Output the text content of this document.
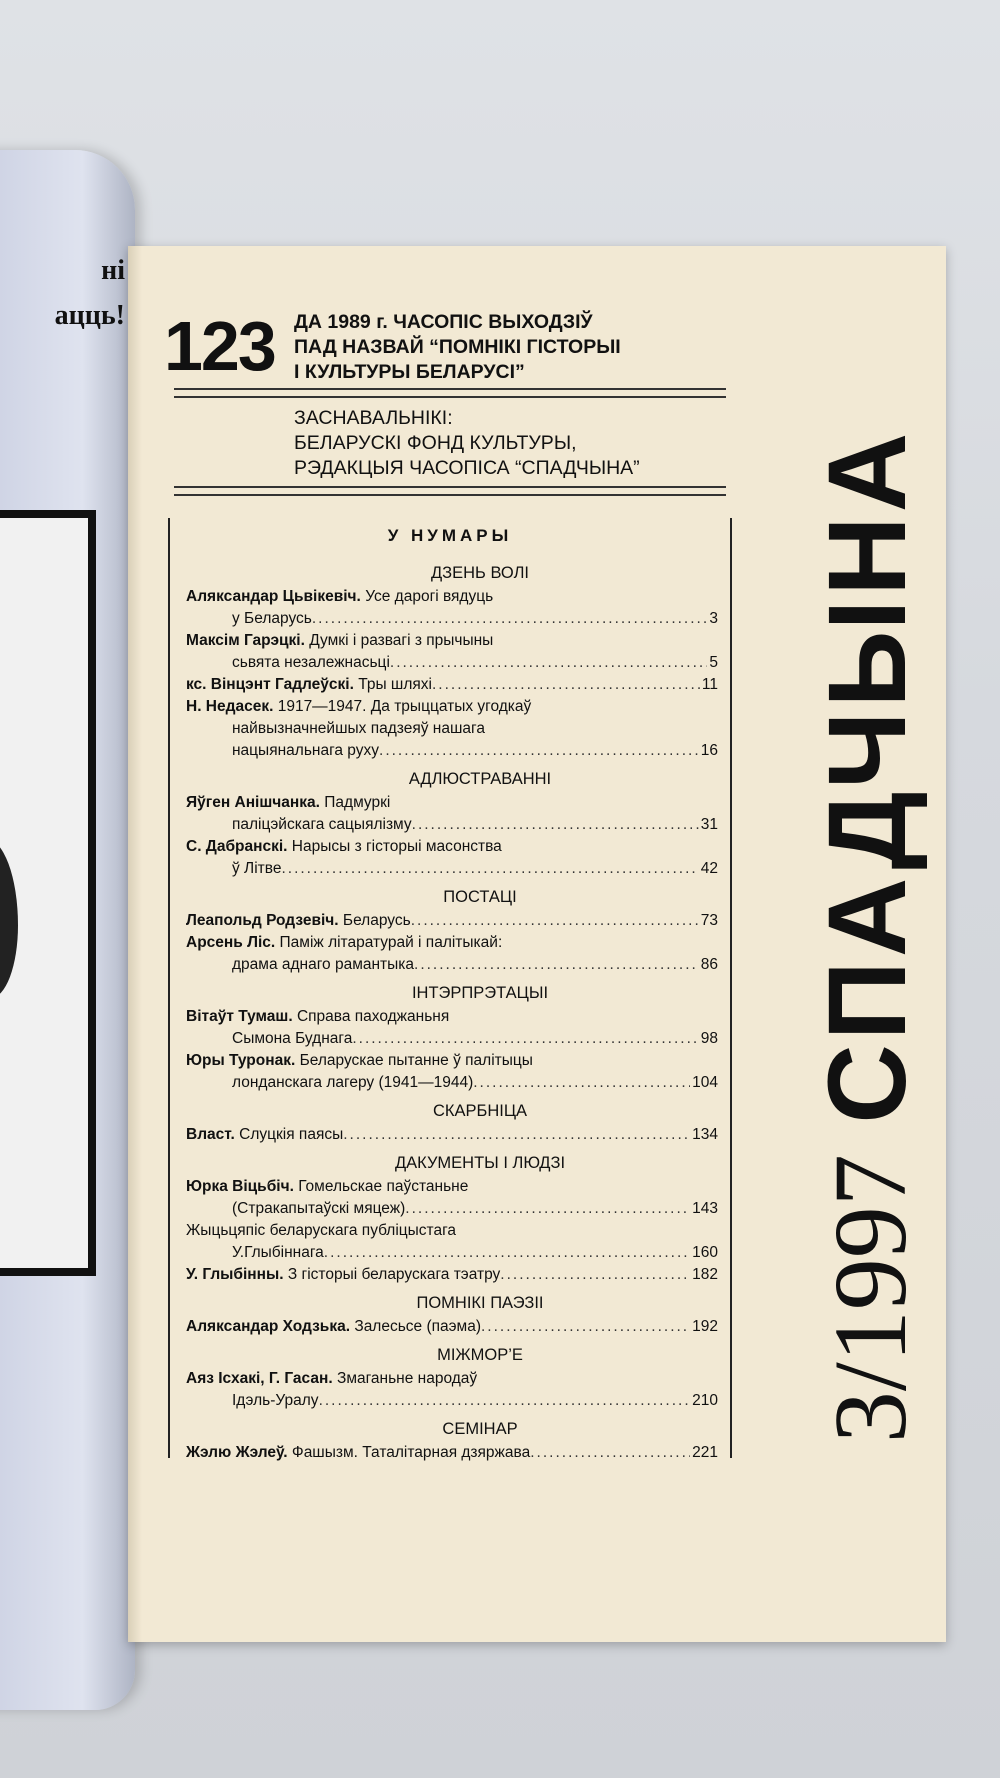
ні
ацць! 123 ДА 1989 г. ЧАСОПІС ВЫХОДЗІЎ
ПАД НАЗВАЙ “ПОМНІКІ ГІСТОРЫІ
І КУЛЬТУРЫ БЕЛАРУСІ”
ЗАСНАВАЛЬНІКІ:
БЕЛАРУСКІ ФОНД КУЛЬТУРЫ,
РЭДАКЦЫЯ ЧАСОПІСА “СПАДЧЫНА”
У НУМАРЫ
ДЗЕНЬ ВОЛІ
Аляксандар Цьвікевіч. Усе дарогі вядуць
у Беларусь .....	3
Максім Гарэцкі. Думкі і развагі з прычыны
сьвята незалежнасьці .....	5
кс. Вінцэнт Гадлеўскі. Тры шляхі .....	11
Н. Недасек. 1917—1947. Да трыццатых угодкаў
найвызначнейшых падзеяў нашага
нацыянальнага руху .....	16
АДЛЮСТРАВАННІ
Яўген Анішчанка. Падмуркі
паліцэйскага сацыялізму .....	31
С. Дабранскі. Нарысы з гісторыі масонства
ў Літве .....	42
ПОСТАЦІ
Леапольд Родзевіч. Беларусь .....	73
Арсень Ліс. Паміж літаратурай і палітыкай:
драма аднаго рамантыка .....	86
ІНТЭРПРЭТАЦЫІ
Вітаўт Тумаш. Справа паходжаньня
Сымона Буднага .....	98
Юры Туронак. Беларускае пытанне ў палітыцы
лонданскага лагеру (1941—1944) .....	104
СКАРБНІЦА
Власт. Слуцкія паясы .....	134
ДАКУМЕНТЫ І ЛЮДЗІ
Юрка Віцьбіч. Гомельскае паўстаньне
(Стракапытаўскі мяцеж) .....	143
Жыцьцяпіс беларускага публіцыстага
У.Глыбіннага .....	160
У. Глыбінны. З гісторыі беларускага тэатру .....	182
ПОМНІКІ ПАЭЗІІ
Аляксандар Ходзька. Залесьсе (паэма) .....	192
МІЖМОР’Е
Аяз Ісхакі, Г. Гасан. Змаганьне народаў
Ідэль-Уралу .....	210
СЕМІНАР
Жэлю Жэлеў. Фашызм. Таталітарная дзяржава .....	221
3/1997 СПАДЧЫНА
